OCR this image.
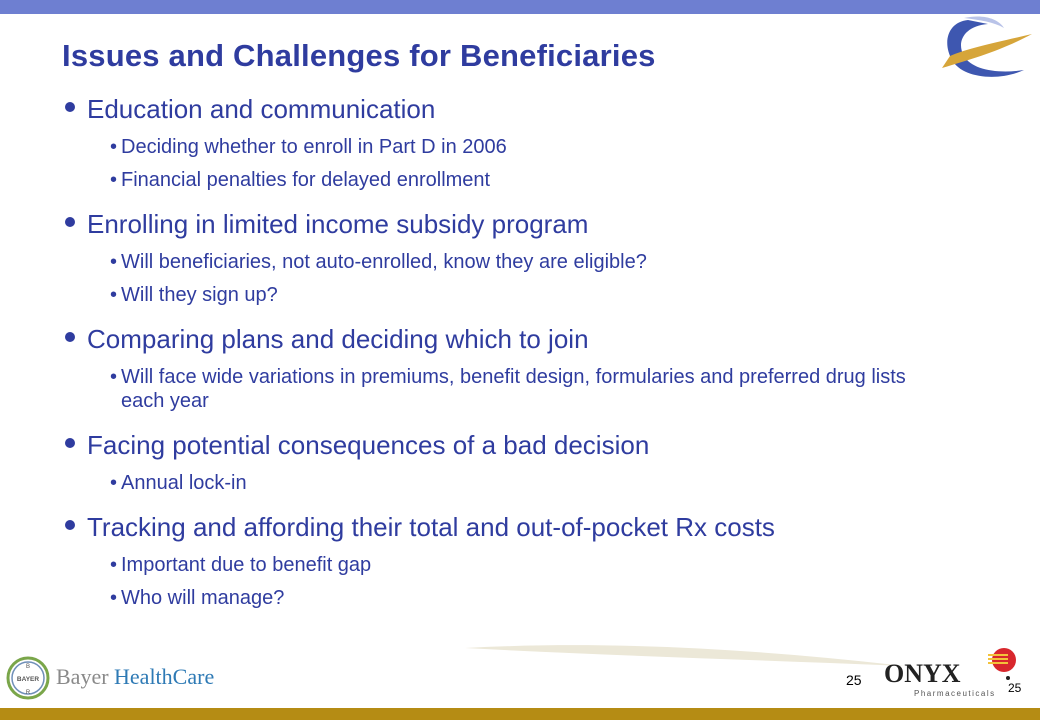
Issues and Challenges for Beneficiaries
Education and communication
• Deciding whether to enroll in Part D in 2006
• Financial penalties for delayed enrollment
Enrolling in limited income subsidy program
• Will beneficiaries, not auto-enrolled, know they are eligible?
• Will they sign up?
Comparing plans and deciding which to join
• Will face wide variations in premiums, benefit design, formularies and preferred drug lists each year
Facing potential consequences of a bad decision
• Annual lock-in
Tracking and affording their total and out-of-pocket Rx costs
• Important due to benefit gap
• Who will manage?
BAYER
B
R
Bayer HealthCare	25 ONYX
Pharmaceuticals 25
